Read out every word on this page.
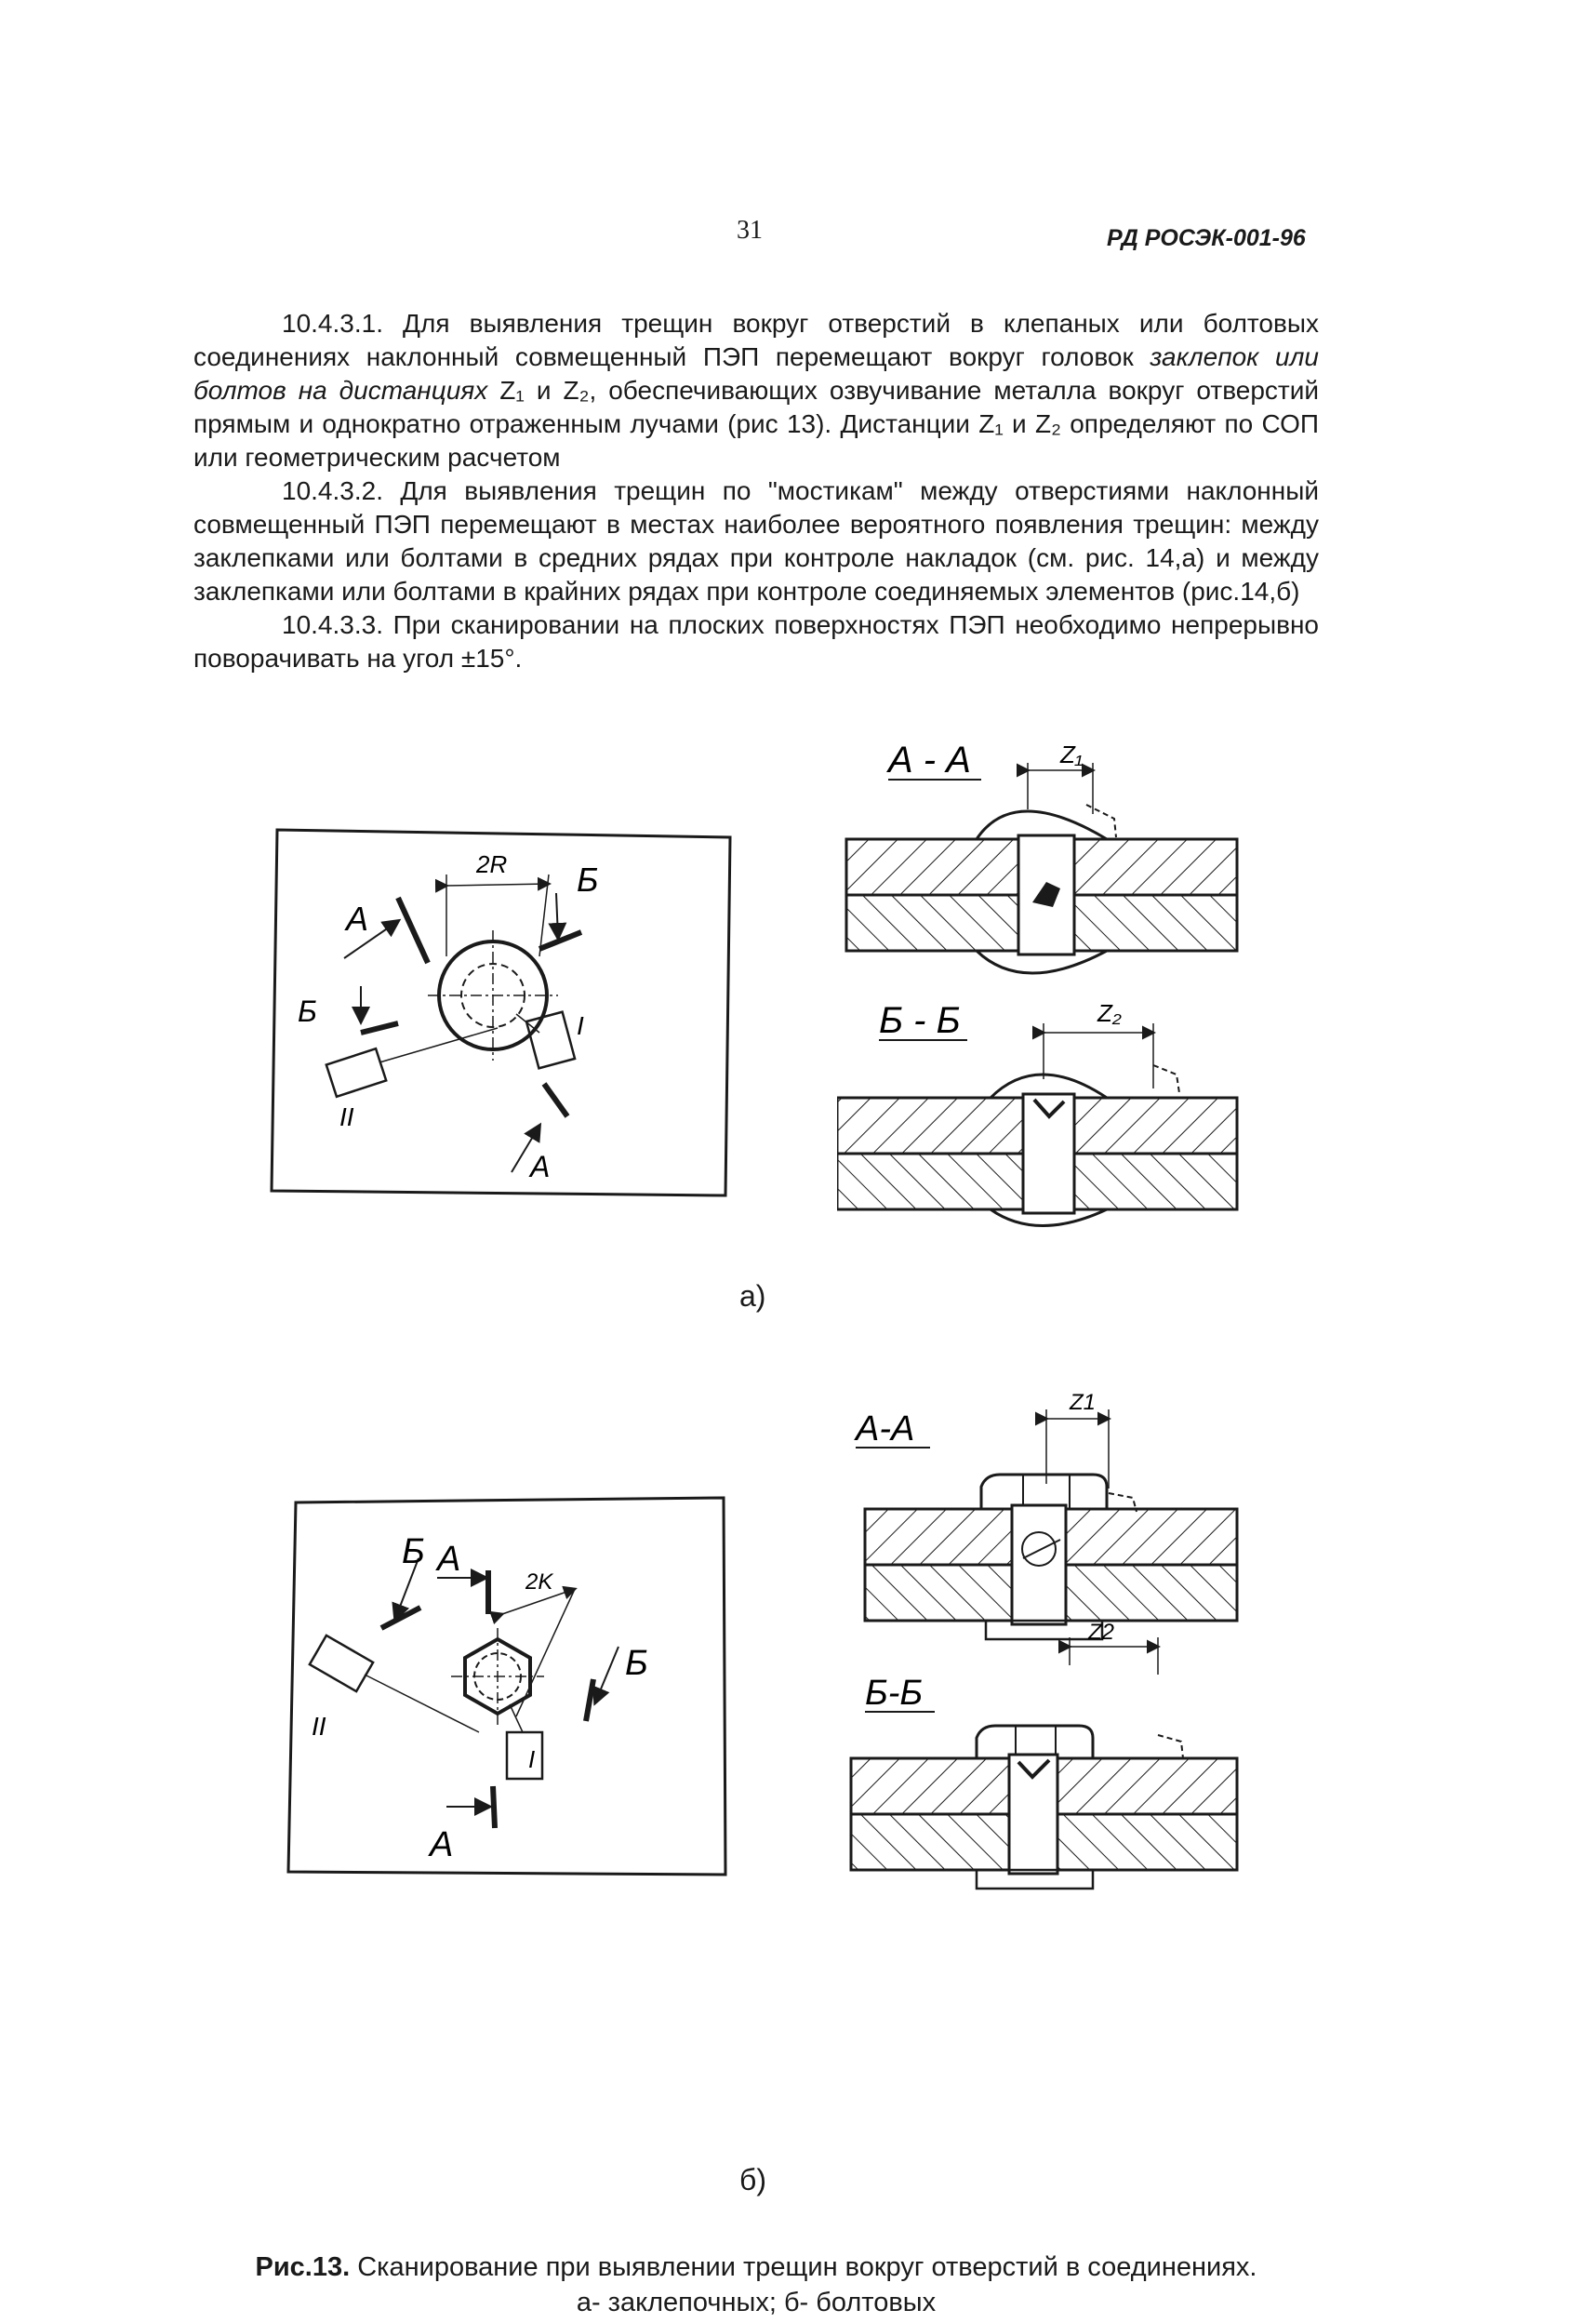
31	РД РОСЭК-001-96

10.4.3.1. Для выявления трещин вокруг отверстий в клепаных или болтовых соединениях наклонный совмещенный ПЭП перемещают вокруг головок заклепок или болтов на дистанциях Z₁ и Z₂, обеспечивающих озвучивание металла вокруг отверстий прямым и однократно отраженным лучами (рис 13). Дистанции Z₁ и Z₂ определяют по СОП или геометрическим расчетом

10.4.3.2. Для выявления трещин по "мостикам" между отверстиями наклонный совмещенный ПЭП перемещают в местах наиболее вероятного появления трещин: между заклепками или болтами в средних рядах при контроле накладок (см. рис. 14,а) и между заклепками или болтами в крайних рядах при контроле соединяемых элементов (рис.14,б)

10.4.3.3. При сканировании на плоских поверхностях ПЭП необходимо непрерывно поворачивать на угол ±15°.

2R
А
Б
Б
II
I
А
А - А	Z₁
Б - Б	Z₂
а)
2K
А
Б
II
Б
I
А
А-А
Z1
Z2
Б-Б
б)
Рис.13. Сканирование при выявлении трещин вокруг отверстий в соединениях.
а- заклепочных; б- болтовых
